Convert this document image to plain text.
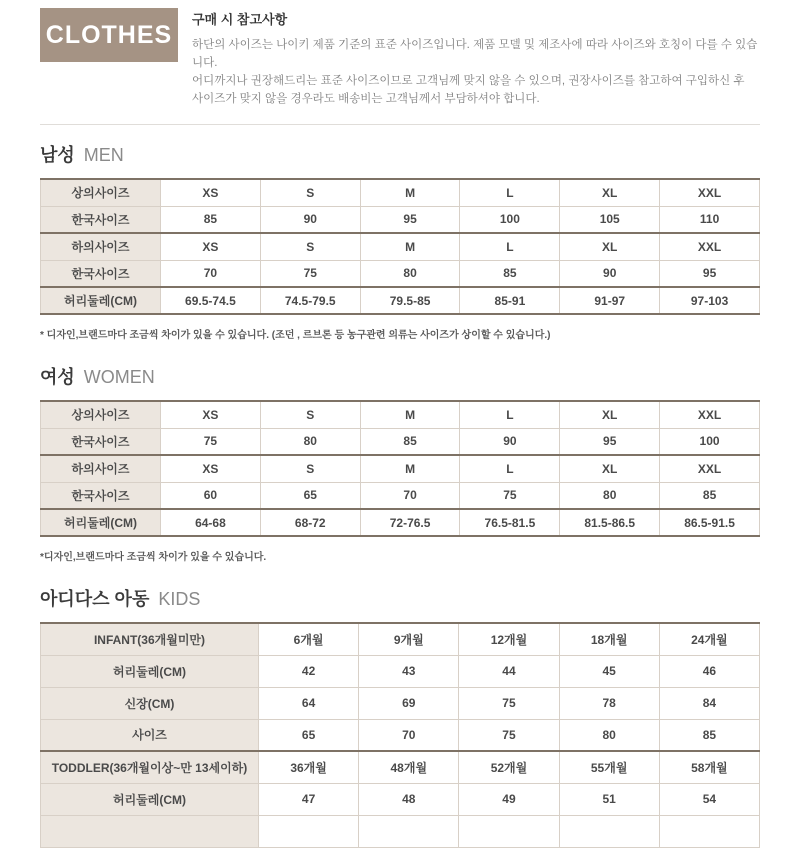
CLOTHES

구매 시 참고사항

하단의 사이즈는 나이키 제품 기준의 표준 사이즈입니다. 제품 모델 및 제조사에 따라 사이즈와 호칭이 다를 수 있습니다.
어디까지나 권장해드리는 표준 사이즈이므로 고객님께 맞지 않을 수 있으며, 권장사이즈를 참고하여 구입하신 후
사이즈가 맞지 않을 경우라도 배송비는 고객님께서 부담하셔야 합니다.
남성 MEN
상의사이즈	XS	S	M	L	XL	XXL
한국사이즈	85	90	95	100	105	110
하의사이즈	XS	S	M	L	XL	XXL
한국사이즈	70	75	80	85	90	95
허리둘레(CM)	69.5-74.5	74.5-79.5	79.5-85	85-91	91-97	97-103
* 디자인,브랜드마다 조금씩 차이가 있을 수 있습니다. (조던 , 르브론 등 농구관련 의류는 사이즈가 상이할 수 있습니다.)
여성 WOMEN
상의사이즈	XS	S	M	L	XL	XXL
한국사이즈	75	80	85	90	95	100
하의사이즈	XS	S	M	L	XL	XXL
한국사이즈	60	65	70	75	80	85
허리둘레(CM)	64-68	68-72	72-76.5	76.5-81.5	81.5-86.5	86.5-91.5
*디자인,브랜드마다 조금씩 차이가 있을 수 있습니다.
아디다스 아동 KIDS
INFANT(36개월미만)	6개월	9개월	12개월	18개월	24개월
허리둘레(CM)	42	43	44	45	46
신장(CM)	64	69	75	78	84
사이즈	65	70	75	80	85
TODDLER(36개월이상~만 13세이하)	36개월	48개월	52개월	55개월	58개월
허리둘레(CM)	47	48	49	51	54
